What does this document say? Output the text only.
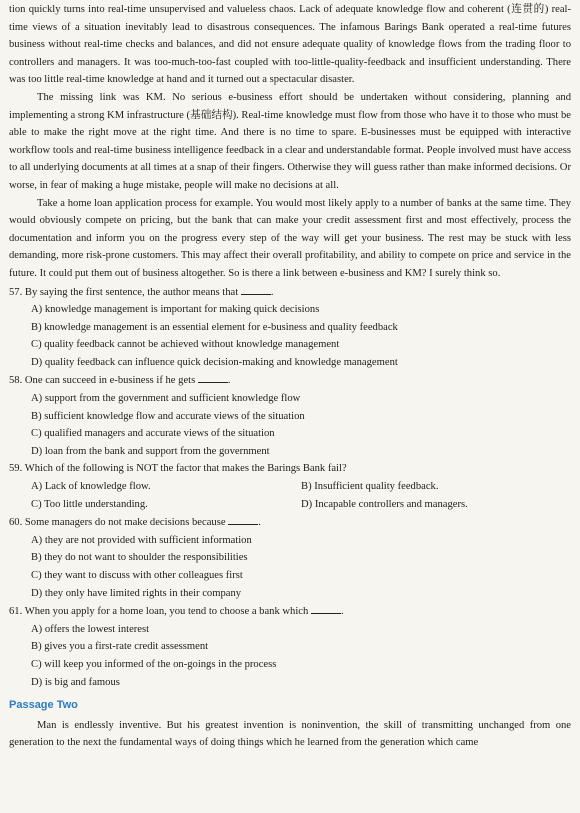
tion quickly turns into real-time unsupervised and valueless chaos. Lack of adequate knowledge flow and coherent (连贯的) real-time views of a situation inevitably lead to disastrous consequences. The infamous Barings Bank operated a real-time futures business without real-time checks and balances, and did not ensure adequate quality of knowledge flows from the trading floor to controllers and managers. It was too-much-too-fast coupled with too-little-quality-feedback and insufficient understanding. There was too little real-time knowledge at hand and it turned out a spectacular disaster.

The missing link was KM. No serious e-business effort should be undertaken without considering, planning and implementing a strong KM infrastructure (基础结构). Real-time knowledge must flow from those who have it to those who must be able to make the right move at the right time. And there is no time to spare. E-businesses must be equipped with interactive workflow tools and real-time business intelligence feedback in a clear and understandable format. People involved must have access to all underlying documents at all times at a snap of their fingers. Otherwise they will guess rather than make informed decisions. Or worse, in fear of making a huge mistake, people will make no decisions at all.

Take a home loan application process for example. You would most likely apply to a number of banks at the same time. They would obviously compete on pricing, but the bank that can make your credit assessment first and most effectively, process the documentation and inform you on the progress every step of the way will get your business. The rest may be stuck with less demanding, more risk-prone customers. This may affect their overall profitability, and ability to compete on price and service in the future. It could put them out of business altogether. So is there a link between e-business and KM? I surely think so.

57. By saying the first sentence, the author means that	.

A) knowledge management is important for making quick decisions

B) knowledge management is an essential element for e-business and quality feedback

C) quality feedback cannot be achieved without knowledge management

D) quality feedback can influence quick decision-making and knowledge management

58. One can succeed in e-business if he gets	.

A) support from the government and sufficient knowledge flow

B) sufficient knowledge flow and accurate views of the situation

C) qualified managers and accurate views of the situation

D) loan from the bank and support from the government

59. Which of the following is NOT the factor that makes the Barings Bank fail?

A) Lack of knowledge flow.	B) Insufficient quality feedback.
C) Too little understanding.	D) Incapable controllers and managers.

60. Some managers do not make decisions because	.

A) they are not provided with sufficient information

B) they do not want to shoulder the responsibilities

C) they want to discuss with other colleagues first

D) they only have limited rights in their company

61. When you apply for a home loan, you tend to choose a bank which	.

A) offers the lowest interest

B) gives you a first-rate credit assessment

C) will keep you informed of the on-goings in the process

D) is big and famous

Passage Two

Man is endlessly inventive. But his greatest invention is noninvention, the skill of transmitting unchanged from one generation to the next the fundamental ways of doing things which he learned from the generation which came
